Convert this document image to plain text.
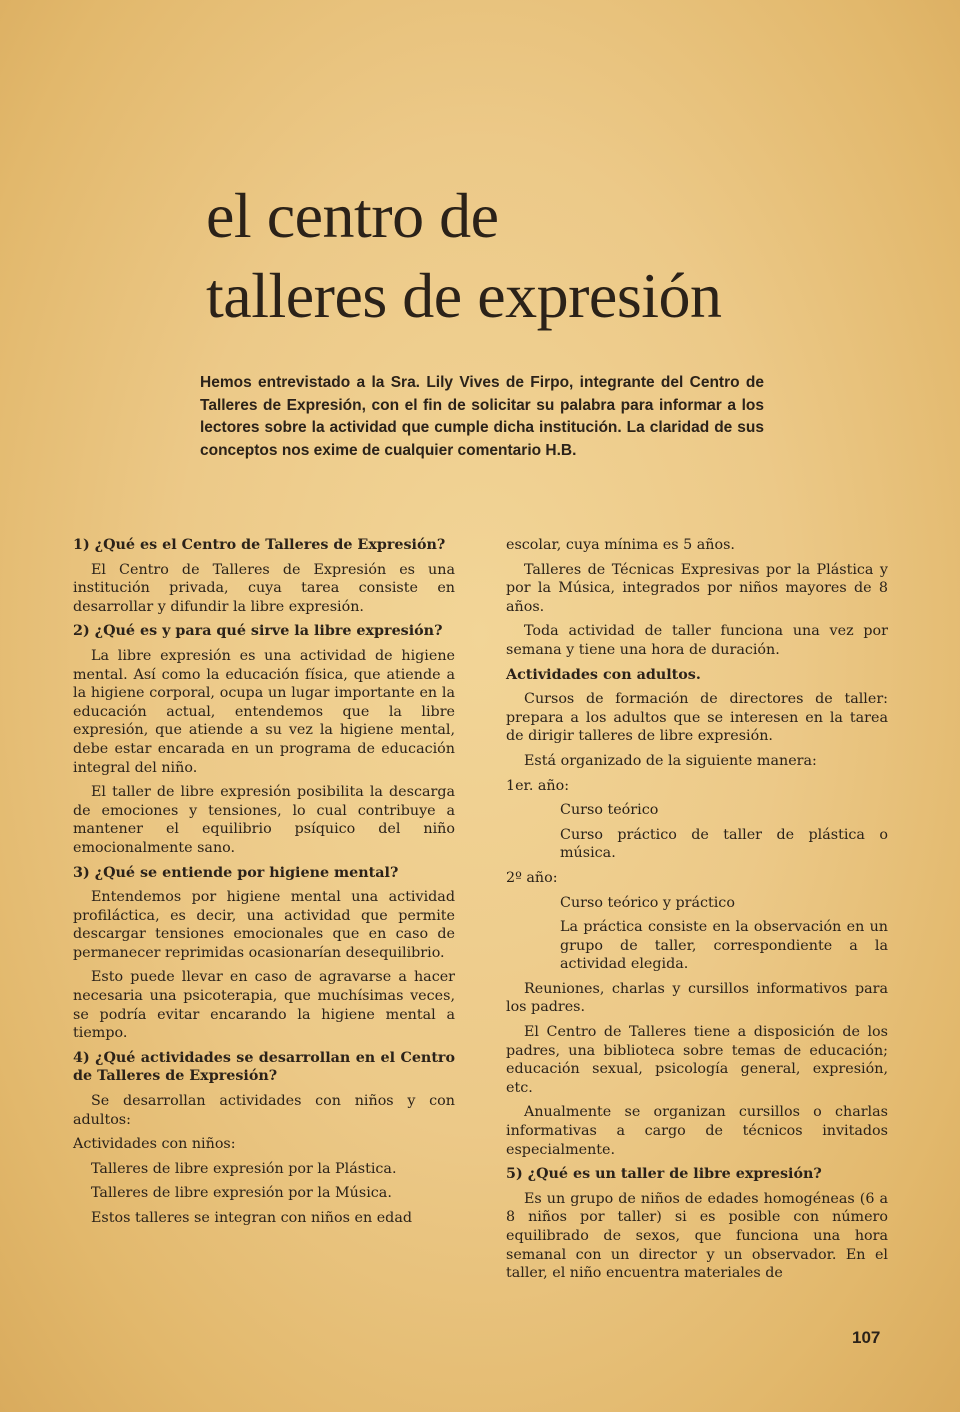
el centro de
talleres de expresión

Hemos entrevistado a la Sra. Lily Vives de Firpo, integrante del Centro de Talleres de Expresión, con el fin de solicitar su palabra para informar a los lectores sobre la actividad que cumple dicha institución. La claridad de sus conceptos nos exime de cualquier comentario H.B.

1) ¿Qué es el Centro de Talleres de Expresión?

El Centro de Talleres de Expresión es una institución privada, cuya tarea consiste en desarrollar y difundir la libre expresión.

2) ¿Qué es y para qué sirve la libre expresión?

La libre expresión es una actividad de higiene mental. Así como la educación física, que atiende a la higiene corporal, ocupa un lugar importante en la educación actual, entendemos que la libre expresión, que atiende a su vez la higiene mental, debe estar encarada en un programa de educación integral del niño.

El taller de libre expresión posibilita la descarga de emociones y tensiones, lo cual contribuye a mantener el equilibrio psíquico del niño emocionalmente sano.

3) ¿Qué se entiende por higiene mental?

Entendemos por higiene mental una actividad profiláctica, es decir, una actividad que permite descargar tensiones emocionales que en caso de permanecer reprimidas ocasionarían desequilibrio.

Esto puede llevar en caso de agravarse a hacer necesaria una psicoterapia, que muchísimas veces, se podría evitar encarando la higiene mental a tiempo.

4) ¿Qué actividades se desarrollan en el Centro de Talleres de Expresión?

Se desarrollan actividades con niños y con adultos:

Actividades con niños:

Talleres de libre expresión por la Plástica.

Talleres de libre expresión por la Música.

Estos talleres se integran con niños en edad

escolar, cuya mínima es 5 años.

Talleres de Técnicas Expresivas por la Plástica y por la Música, integrados por niños mayores de 8 años.

Toda actividad de taller funciona una vez por semana y tiene una hora de duración.

Actividades con adultos.

Cursos de formación de directores de taller: prepara a los adultos que se interesen en la tarea de dirigir talleres de libre expresión.

Está organizado de la siguiente manera:

1er. año:

Curso teórico

Curso práctico de taller de plástica o música.

2º año:

Curso teórico y práctico

La práctica consiste en la observación en un grupo de taller, correspondiente a la actividad elegida.

Reuniones, charlas y cursillos informativos para los padres.

El Centro de Talleres tiene a disposición de los padres, una biblioteca sobre temas de educación; educación sexual, psicología general, expresión, etc.

Anualmente se organizan cursillos o charlas informativas a cargo de técnicos invitados especialmente.

5) ¿Qué es un taller de libre expresión?

Es un grupo de niños de edades homogéneas (6 a 8 niños por taller) si es posible con número equilibrado de sexos, que funciona una hora semanal con un director y un observador. En el taller, el niño encuentra materiales de

107
